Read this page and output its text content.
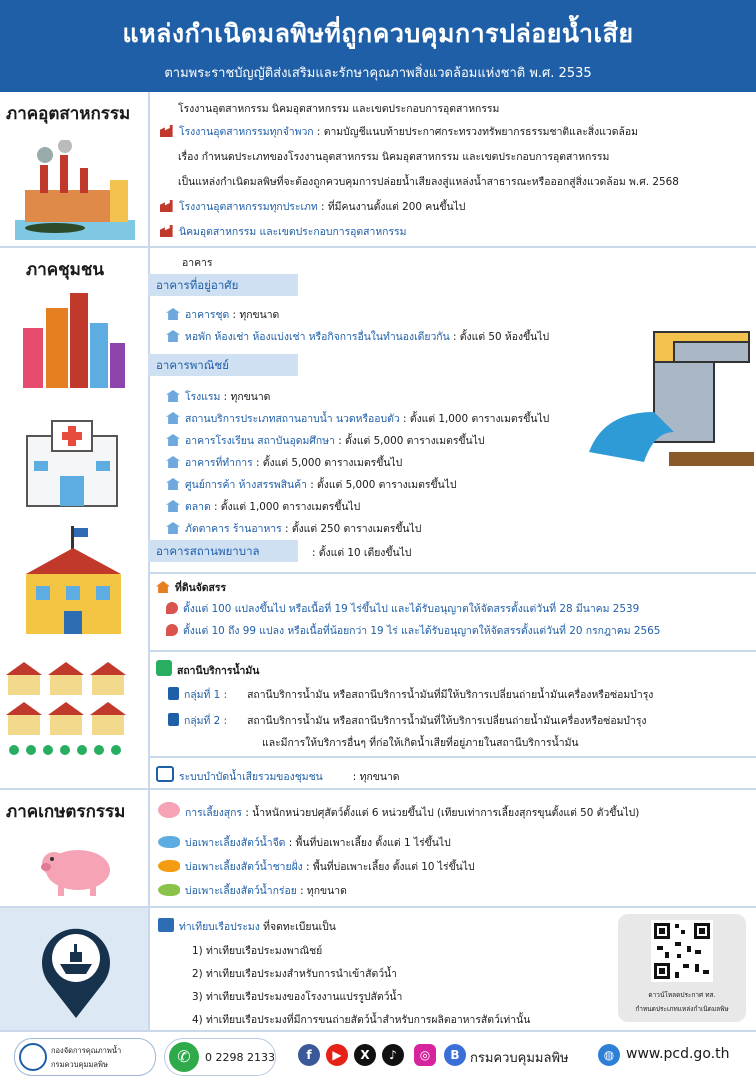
แหล่งกำเนิดมลพิษที่ถูกควบคุมการปล่อยน้ำเสีย
ตามพระราชบัญญัติส่งเสริมและรักษาคุณภาพสิ่งแวดล้อมแห่งชาติ พ.ศ. 2535
ภาคอุตสาหกรรม	โรงงานอุตสาหกรรม นิคมอุตสาหกรรม และเขตประกอบการอุตสาหกรรม
โรงงานอุตสาหกรรมทุกจำพวก : ตามบัญชีแนบท้ายประกาศกระทรวงทรัพยากรธรรมชาติและสิ่งแวดล้อม
เรื่อง กำหนดประเภทของโรงงานอุตสาหกรรม นิคมอุตสาหกรรม และเขตประกอบการอุตสาหกรรม
เป็นแหล่งกำเนิดมลพิษที่จะต้องถูกควบคุมการปล่อยน้ำเสียลงสู่แหล่งน้ำสาธารณะหรือออกสู่สิ่งแวดล้อม พ.ศ. 2568
โรงงานอุตสาหกรรมทุกประเภท : ที่มีคนงานตั้งแต่ 200 คนขึ้นไป
นิคมอุตสาหกรรม และเขตประกอบการอุตสาหกรรม
ภาคชุมชน	อาคาร
อาคารที่อยู่อาศัย
อาคารชุด : ทุกขนาด
หอพัก ห้องเช่า ห้องแบ่งเช่า หรือกิจการอื่นในทำนองเดียวกัน : ตั้งแต่ 50 ห้องขึ้นไป
อาคารพาณิชย์
โรงแรม : ทุกขนาด
สถานบริการประเภทสถานอาบน้ำ นวดหรืออบตัว : ตั้งแต่ 1,000 ตารางเมตรขึ้นไป
อาคารโรงเรียน สถาบันอุดมศึกษา : ตั้งแต่ 5,000 ตารางเมตรขึ้นไป
อาคารที่ทำการ : ตั้งแต่ 5,000 ตารางเมตรขึ้นไป
ศูนย์การค้า ห้างสรรพสินค้า : ตั้งแต่ 5,000 ตารางเมตรขึ้นไป
ตลาด : ตั้งแต่ 1,000 ตารางเมตรขึ้นไป
ภัตตาคาร ร้านอาหาร : ตั้งแต่ 250 ตารางเมตรขึ้นไป
อาคารสถานพยาบาล	: ตั้งแต่ 10 เตียงขึ้นไป
ที่ดินจัดสรร
ตั้งแต่ 100 แปลงขึ้นไป หรือเนื้อที่ 19 ไร่ขึ้นไป และได้รับอนุญาตให้จัดสรรตั้งแต่วันที่ 28 มีนาคม 2539
ตั้งแต่ 10 ถึง 99 แปลง หรือเนื้อที่น้อยกว่า 19 ไร่ และได้รับอนุญาตให้จัดสรรตั้งแต่วันที่ 20 กรกฎาคม 2565
สถานีบริการน้ำมัน
กลุ่มที่ 1 : สถานีบริการน้ำมัน หรือสถานีบริการน้ำมันที่มีให้บริการเปลี่ยนถ่ายน้ำมันเครื่องหรือซ่อมบำรุง
กลุ่มที่ 2 : สถานีบริการน้ำมัน หรือสถานีบริการน้ำมันที่ให้บริการเปลี่ยนถ่ายน้ำมันเครื่องหรือซ่อมบำรุง
และมีการให้บริการอื่นๆ ที่ก่อให้เกิดน้ำเสียที่อยู่ภายในสถานีบริการน้ำมัน
ระบบบำบัดน้ำเสียรวมของชุมชน	: ทุกขนาด
ภาคเกษตรกรรม	การเลี้ยงสุกร : น้ำหนักหน่วยปศุสัตว์ตั้งแต่ 6 หน่วยขึ้นไป (เทียบเท่าการเลี้ยงสุกรขุนตั้งแต่ 50 ตัวขึ้นไป)
บ่อเพาะเลี้ยงสัตว์น้ำจืด : พื้นที่บ่อเพาะเลี้ยง ตั้งแต่ 1 ไร่ขึ้นไป
บ่อเพาะเลี้ยงสัตว์น้ำชายฝั่ง : พื้นที่บ่อเพาะเลี้ยง ตั้งแต่ 10 ไร่ขึ้นไป
บ่อเพาะเลี้ยงสัตว์น้ำกร่อย : ทุกขนาด
ท่าเทียบเรือประมง ที่จดทะเบียนเป็น
1) ท่าเทียบเรือประมงพาณิชย์
2) ท่าเทียบเรือประมงสำหรับการนำเข้าสัตว์น้ำ
3) ท่าเทียบเรือประมงของโรงงานแปรรูปสัตว์น้ำ
4) ท่าเทียบเรือประมงที่มีการขนถ่ายสัตว์น้ำสำหรับการผลิตอาหารสัตว์เท่านั้น
ดาวน์โหลดประกาศ ทส.
กำหนดประเภทแหล่งกำเนิดมลพิษ
กองจัดการคุณภาพน้ำ
กรมควบคุมมลพิษ	✆	0 2298 2133	f	▶	X	♪	◎	B กรมควบคุมมลพิษ	◍ www.pcd.go.th
